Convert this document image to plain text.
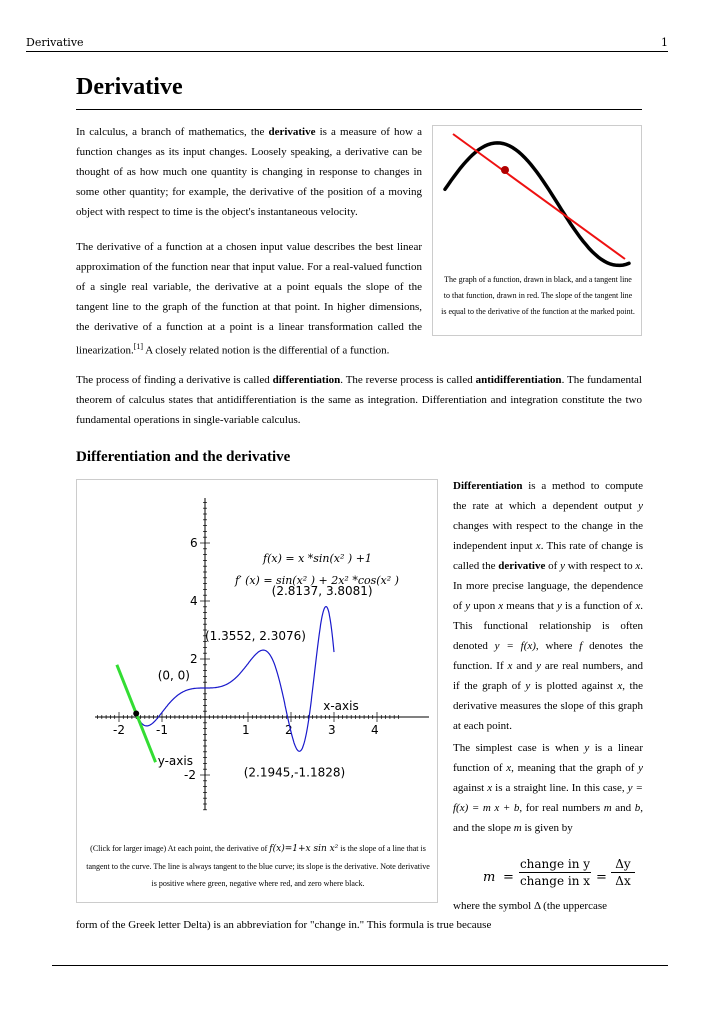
Derivative	1
Derivative
In calculus, a branch of mathematics, the derivative is a measure of how a function changes as its input changes. Loosely speaking, a derivative can be thought of as how much one quantity is changing in response to changes in some other quantity; for example, the derivative of the position of a moving object with respect to time is the object's instantaneous velocity.
The derivative of a function at a chosen input value describes the best linear approximation of the function near that input value. For a real-valued function of a single real variable, the derivative at a point equals the slope of the tangent line to the graph of the function at that point. In higher dimensions, the derivative of a function at a point is a linear transformation called the linearization.[1] A closely related notion is the differential of a function.
The process of finding a derivative is called differentiation. The reverse process is called antidifferentiation. The fundamental theorem of calculus states that antidifferentiation is the same as integration. Differentiation and integration constitute the two fundamental operations in single-variable calculus.
The graph of a function, drawn in black, and a tangent line to that function, drawn in red. The slope of the tangent line is equal to the derivative of the function at the marked point.
Differentiation and the derivative
-2	-1	1	2	3	4
6
4
2
-2
f(x) = x *sin(x² ) +1
f′ (x) = sin(x² ) + 2x² *cos(x² )
(2.8137, 3.8081)
(1.3552, 2.3076)
(0, 0)
(2.1945,-1.1828)
x-axis
y-axis
(Click for larger image) At each point, the derivative of f(x)=1+x sin x² is the slope of a line that is tangent to the curve. The line is always tangent to the blue curve; its slope is the derivative. Note derivative is positive where green, negative where red, and zero where black.
Differentiation is a method to compute the rate at which a dependent output y changes with respect to the change in the independent input x. This rate of change is called the derivative of y with respect to x. In more precise language, the dependence of y upon x means that y is a function of x. This functional relationship is often denoted y = f(x), where f denotes the function. If x and y are real numbers, and if the graph of y is plotted against x, the derivative measures the slope of this graph at each point.
The simplest case is when y is a linear function of x, meaning that the graph of y against x is a straight line. In this case, y = f(x) = m x + b, for real numbers m and b, and the slope m is given by
m =
change in y
change in x =
Δy
Δx
where the symbol Δ (the uppercase
form of the Greek letter Delta) is an abbreviation for "change in." This formula is true because
